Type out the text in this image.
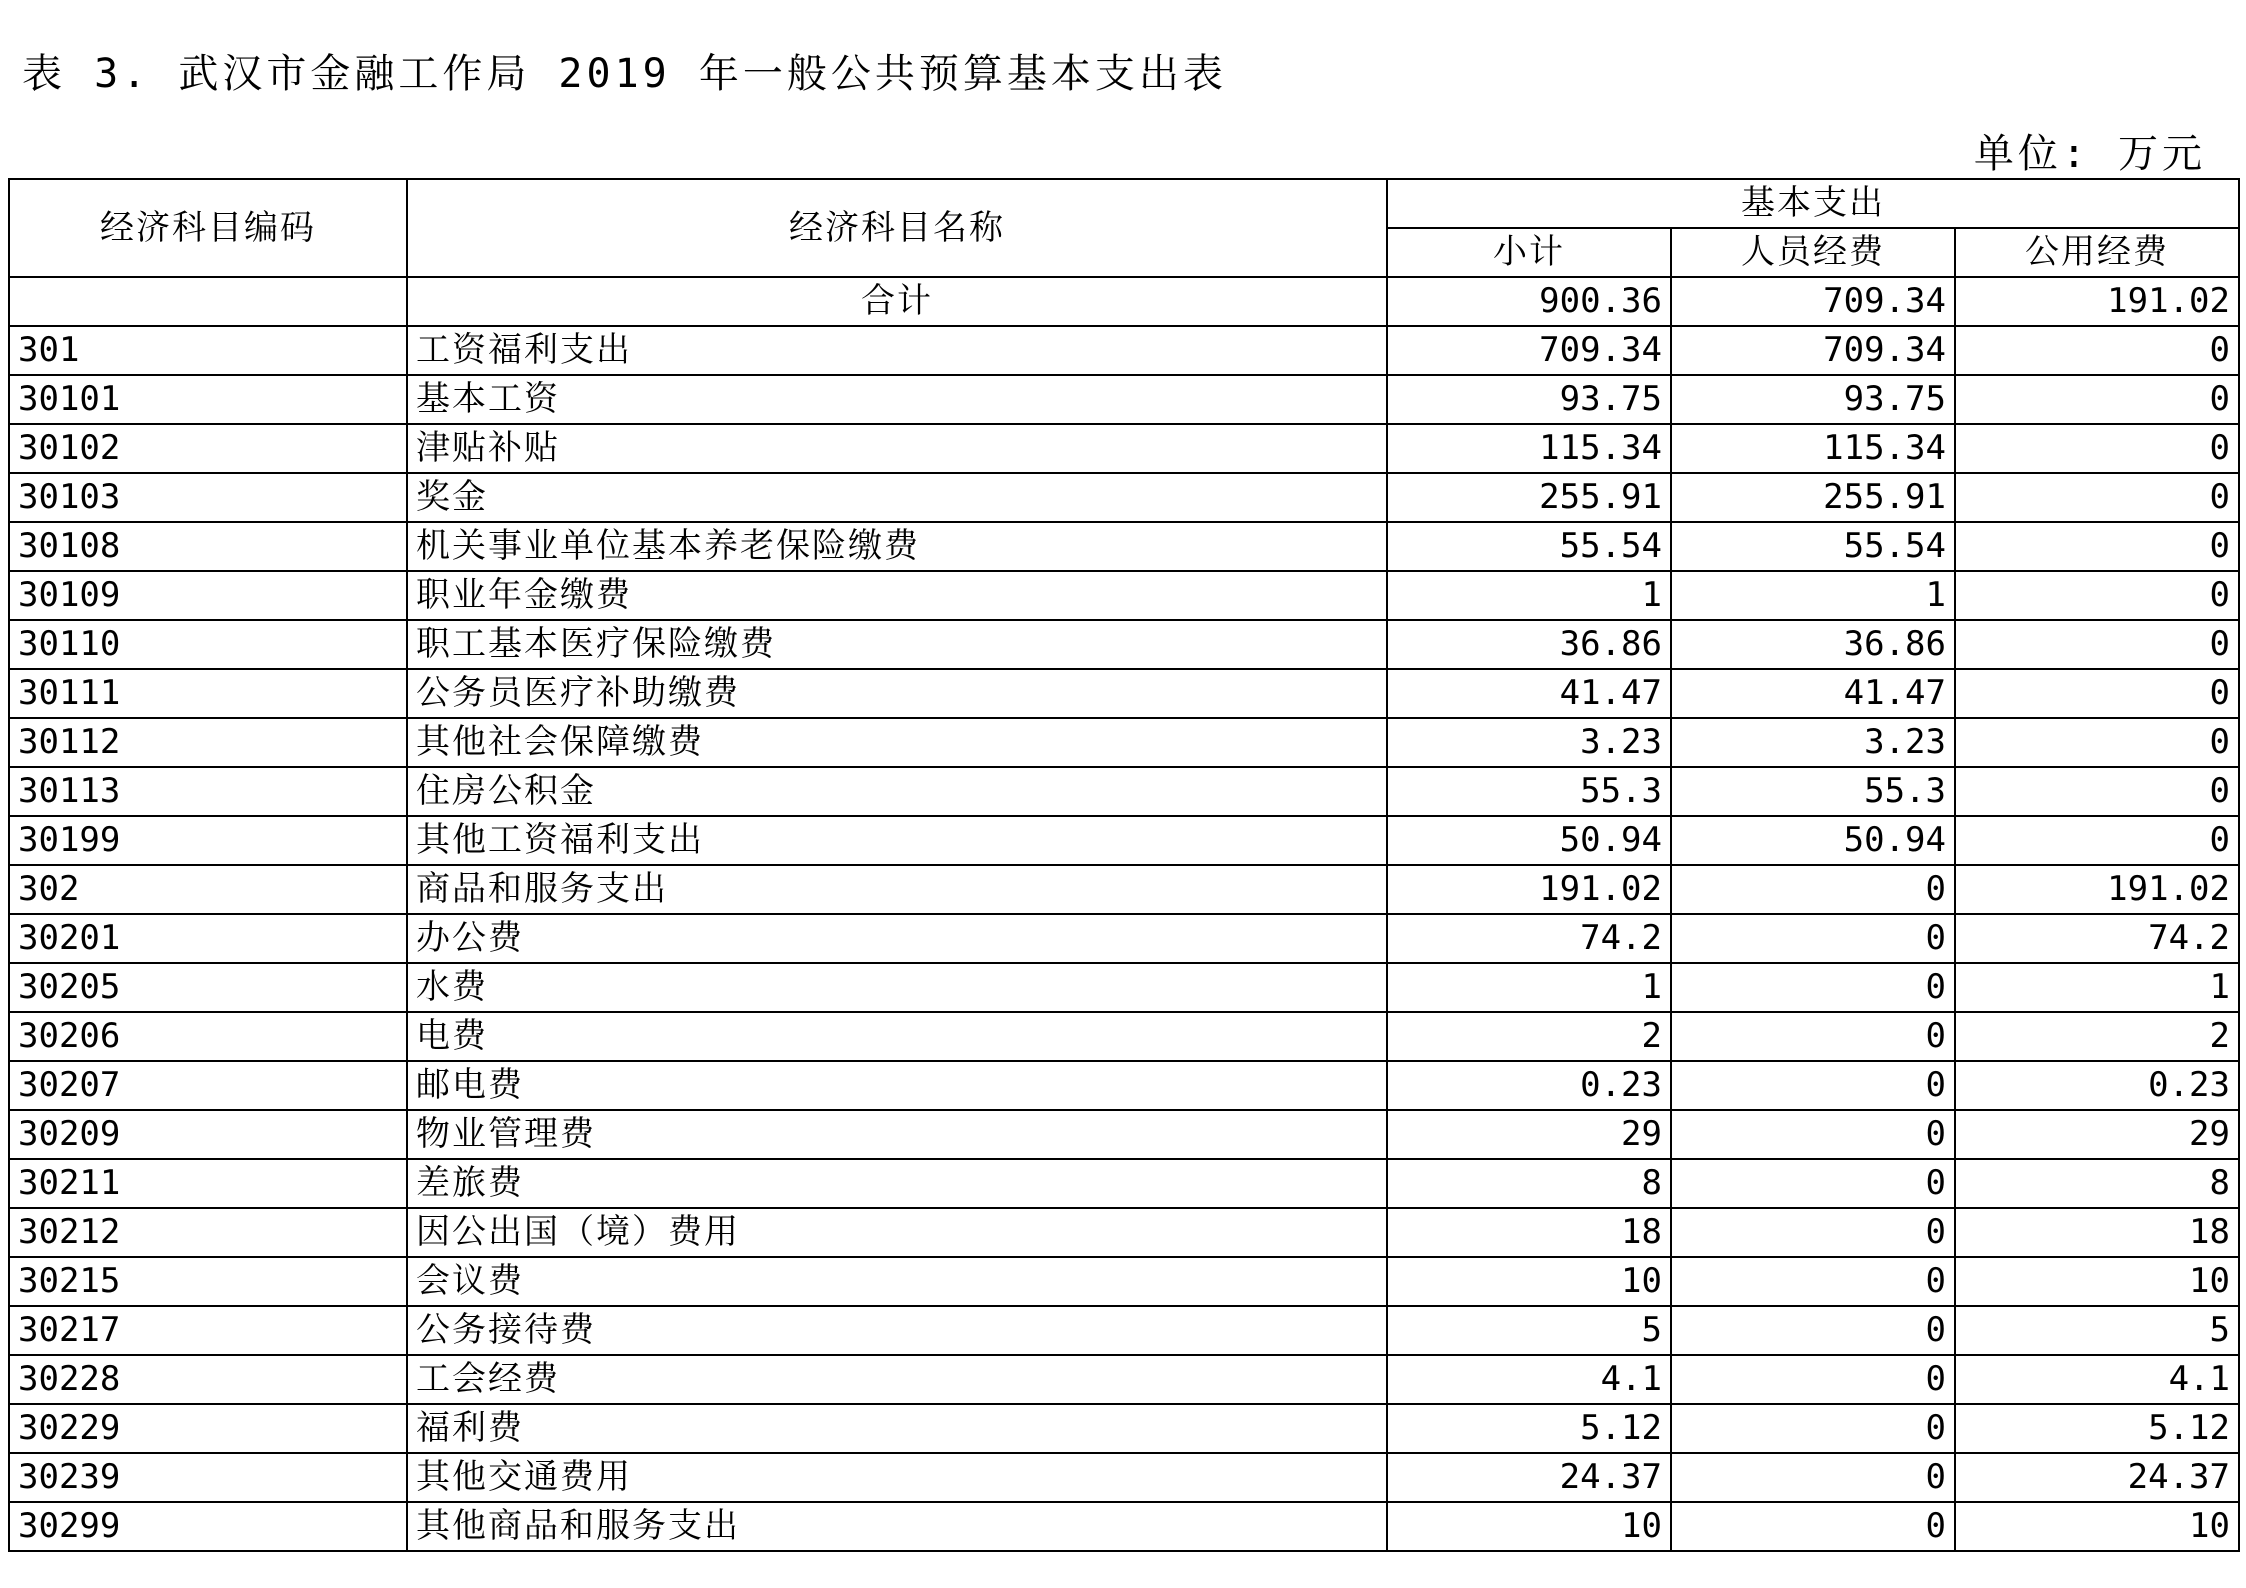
表 3. 武汉市金融工作局 2019 年一般公共预算基本支出表
单位: 万元
经济科目编码	经济科目名称	基本支出		
		小计	人员经费	公用经费
	合计	900.36	709.34	191.02
301	工资福利支出	709.34	709.34	0
30101	基本工资	93.75	93.75	0
30102	津贴补贴	115.34	115.34	0
30103	奖金	255.91	255.91	0
30108	机关事业单位基本养老保险缴费	55.54	55.54	0
30109	职业年金缴费	1	1	0
30110	职工基本医疗保险缴费	36.86	36.86	0
30111	公务员医疗补助缴费	41.47	41.47	0
30112	其他社会保障缴费	3.23	3.23	0
30113	住房公积金	55.3	55.3	0
30199	其他工资福利支出	50.94	50.94	0
302	商品和服务支出	191.02	0	191.02
30201	办公费	74.2	0	74.2
30205	水费	1	0	1
30206	电费	2	0	2
30207	邮电费	0.23	0	0.23
30209	物业管理费	29	0	29
30211	差旅费	8	0	8
30212	因公出国（境）费用	18	0	18
30215	会议费	10	0	10
30217	公务接待费	5	0	5
30228	工会经费	4.1	0	4.1
30229	福利费	5.12	0	5.12
30239	其他交通费用	24.37	0	24.37
30299	其他商品和服务支出	10	0	10
